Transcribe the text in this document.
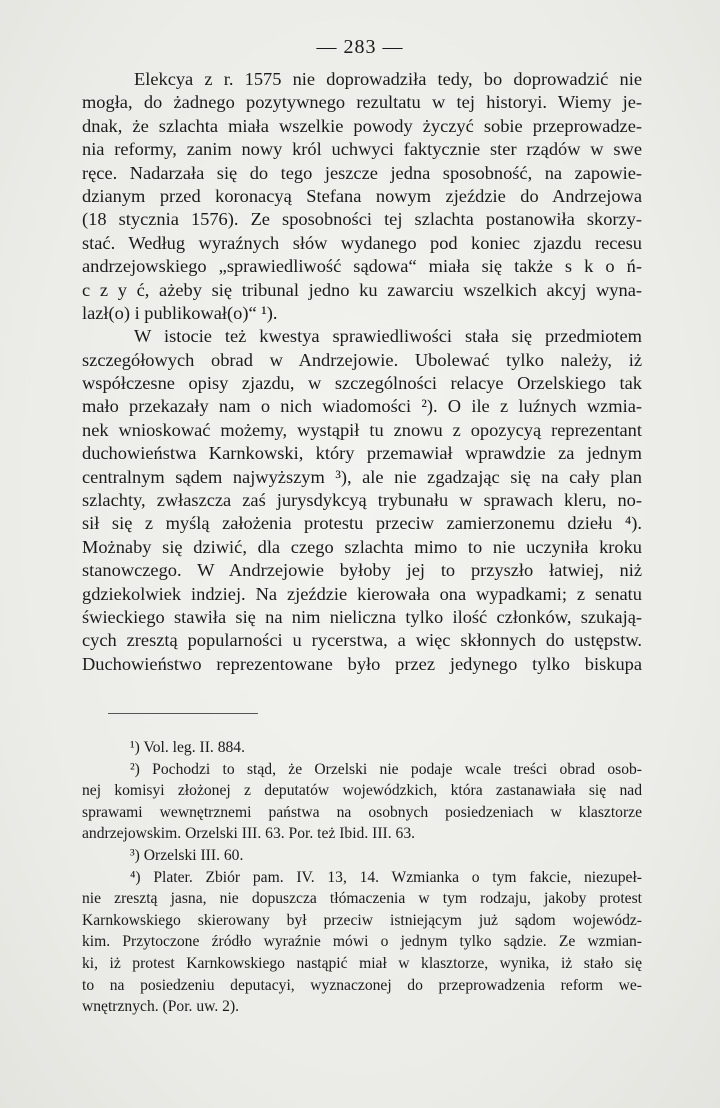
— 283 —
Elekcya z r. 1575 nie doprowadziła tedy, bo doprowadzić nie
mogła, do żadnego pozytywnego rezultatu w tej historyi. Wiemy je-
dnak, że szlachta miała wszelkie powody życzyć sobie przeprowadze-
nia reformy, zanim nowy król uchwyci faktycznie ster rządów w swe
ręce. Nadarzała się do tego jeszcze jedna sposobność, na zapowie-
dzianym przed koronacyą Stefana nowym zjeździe do Andrzejowa
(18 stycznia 1576). Ze sposobności tej szlachta postanowiła skorzy-
stać. Według wyraźnych słów wydanego pod koniec zjazdu recesu
andrzejowskiego „sprawiedliwość sądowa“ miała się także s k o ń-
c z y ć, ażeby się tribunal jedno ku zawarciu wszelkich akcyj wyna-
lazł(o) i publikował(o)“ ¹).
W istocie też kwestya sprawiedliwości stała się przedmiotem
szczegółowych obrad w Andrzejowie. Ubolewać tylko należy, iż
współczesne opisy zjazdu, w szczególności relacye Orzelskiego tak
mało przekazały nam o nich wiadomości ²). O ile z luźnych wzmia-
nek wnioskować możemy, wystąpił tu znowu z opozycyą reprezentant
duchowieństwa Karnkowski, który przemawiał wprawdzie za jednym
centralnym sądem najwyższym ³), ale nie zgadzając się na cały plan
szlachty, zwłaszcza zaś jurysdykcyą trybunału w sprawach kleru, no-
sił się z myślą założenia protestu przeciw zamierzonemu dziełu ⁴).
Możnaby się dziwić, dla czego szlachta mimo to nie uczyniła kroku
stanowczego. W Andrzejowie byłoby jej to przyszło łatwiej, niż
gdziekolwiek indziej. Na zjeździe kierowała ona wypadkami; z senatu
świeckiego stawiła się na nim nieliczna tylko ilość członków, szukają-
cych zresztą popularności u rycerstwa, a więc skłonnych do ustępstw.
Duchowieństwo reprezentowane było przez jedynego tylko biskupa
¹) Vol. leg. II. 884.
²) Pochodzi to stąd, że Orzelski nie podaje wcale treści obrad osob-
nej komisyi złożonej z deputatów wojewódzkich, która zastanawiała się nad
sprawami wewnętrznemi państwa na osobnych posiedzeniach w klasztorze
andrzejowskim. Orzelski III. 63. Por. też Ibid. III. 63.
³) Orzelski III. 60.
⁴) Plater. Zbiór pam. IV. 13, 14. Wzmianka o tym fakcie, niezupeł-
nie zresztą jasna, nie dopuszcza tłómaczenia w tym rodzaju, jakoby protest
Karnkowskiego skierowany był przeciw istniejącym już sądom wojewódz-
kim. Przytoczone źródło wyraźnie mówi o jednym tylko sądzie. Ze wzmian-
ki, iż protest Karnkowskiego nastąpić miał w klasztorze, wynika, iż stało się
to na posiedzeniu deputacyi, wyznaczonej do przeprowadzenia reform we-
wnętrznych. (Por. uw. 2).
